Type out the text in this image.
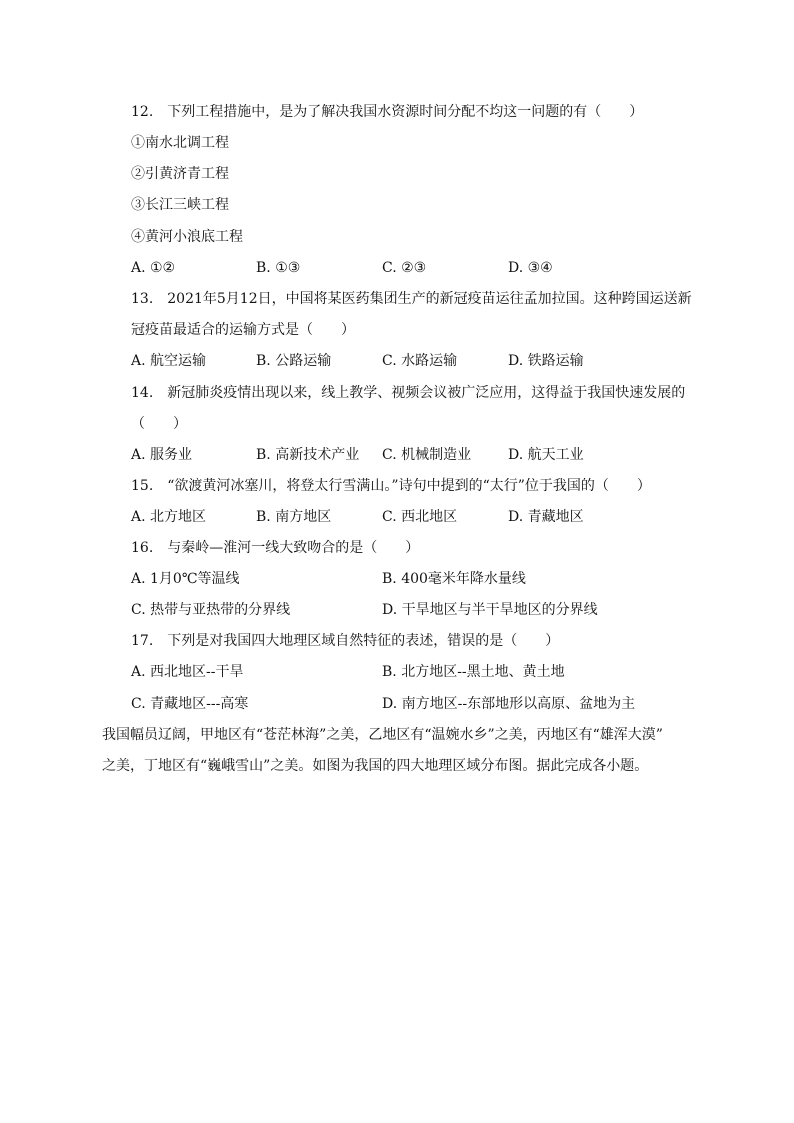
12.　下列工程措施中，是为了解决我国水资源时间分配不均这一问题的有（　　）
①南水北调工程
②引黄济青工程
③长江三峡工程
④黄河小浪底工程
A. ①②	B. ①③	C. ②③	D. ③④
13.　2021年5月12日，中国将某医药集团生产的新冠疫苗运往孟加拉国。这种跨国运送新
冠疫苗最适合的运输方式是（　　）
A. 航空运输	B. 公路运输	C. 水路运输	D. 铁路运输
14.　新冠肺炎疫情出现以来，线上教学、视频会议被广泛应用，这得益于我国快速发展的
（　　）
A. 服务业	B. 高新技术产业 C. 机械制造业	D. 航天工业
15.　“欲渡黄河冰塞川，将登太行雪满山。”诗句中提到的“太行”位于我国的（　　）
A. 北方地区	B. 南方地区	C. 西北地区	D. 青藏地区
16.　与秦岭—淮河一线大致吻合的是（　　）
A. 1月0℃等温线	B. 400毫米年降水量线
C. 热带与亚热带的分界线	D. 干旱地区与半干旱地区的分界线
17.　下列是对我国四大地理区域自然特征的表述，错误的是（　　）
A. 西北地区--干旱	B. 北方地区--黑土地、黄土地
C. 青藏地区---高寒	D. 南方地区--东部地形以高原、盆地为主
我国幅员辽阔，甲地区有“苍茫林海”之美，乙地区有“温婉水乡”之美，丙地区有“雄浑大漠”
之美，丁地区有“巍峨雪山”之美。如图为我国的四大地理区域分布图。据此完成各小题。
